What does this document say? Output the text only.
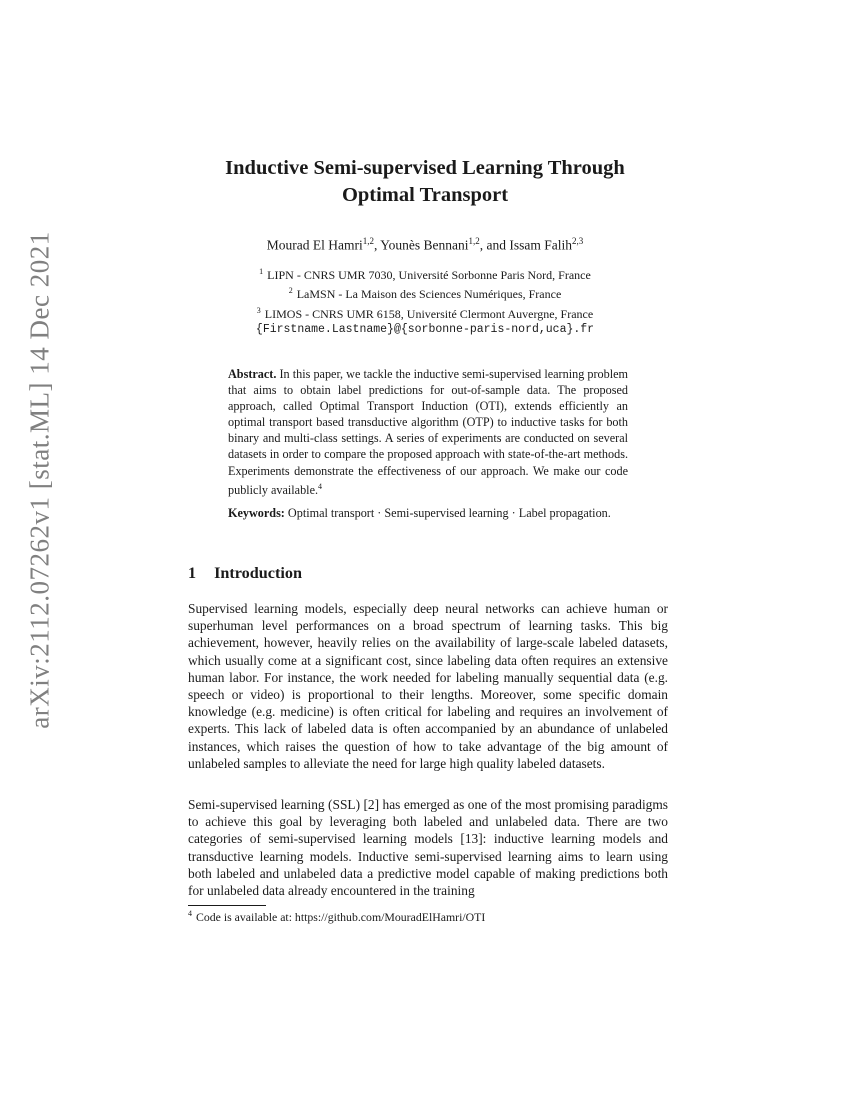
arXiv:2112.07262v1 [stat.ML] 14 Dec 2021
Inductive Semi-supervised Learning Through
Optimal Transport
Mourad El Hamri$^{1,2}$, Younès Bennani$^{1,2}$, and Issam Falih$^{2,3}$
$^1$ LIPN - CNRS UMR 7030, Université Sorbonne Paris Nord, France
$^2$ LaMSN - La Maison des Sciences Numériques, France
$^3$ LIMOS - CNRS UMR 6158, Université Clermont Auvergne, France
{Firstname.Lastname}@{sorbonne-paris-nord,uca}.fr
Abstract. In this paper, we tackle the inductive semi-supervised learning problem that aims to obtain label predictions for out-of-sample data. The proposed approach, called Optimal Transport Induction (OTI), extends efficiently an optimal transport based transductive algorithm (OTP) to inductive tasks for both binary and multi-class settings. A series of experiments are conducted on several datasets in order to compare the proposed approach with state-of-the-art methods. Experiments demonstrate the effectiveness of our approach. We make our code publicly available.$^4$
Keywords: Optimal transport · Semi-supervised learning · Label propagation.
1 Introduction
Supervised learning models, especially deep neural networks can achieve human or superhuman level performances on a broad spectrum of learning tasks. This big achievement, however, heavily relies on the availability of large-scale labeled datasets, which usually come at a significant cost, since labeling data often requires an extensive human labor. For instance, the work needed for labeling manually sequential data (e.g. speech or video) is proportional to their lengths. Moreover, some specific domain knowledge (e.g. medicine) is often critical for labeling and requires an involvement of experts. This lack of labeled data is often accompanied by an abundance of unlabeled instances, which raises the question of how to take advantage of the big amount of unlabeled samples to alleviate the need for large high quality labeled datasets.
Semi-supervised learning (SSL) [2] has emerged as one of the most promising paradigms to achieve this goal by leveraging both labeled and unlabeled data. There are two categories of semi-supervised learning models [13]: inductive learning models and transductive learning models. Inductive semi-supervised learning aims to learn using both labeled and unlabeled data a predictive model capable of making predictions both for unlabeled data already encountered in the training
$^4$ Code is available at: https://github.com/MouradElHamri/OTI
